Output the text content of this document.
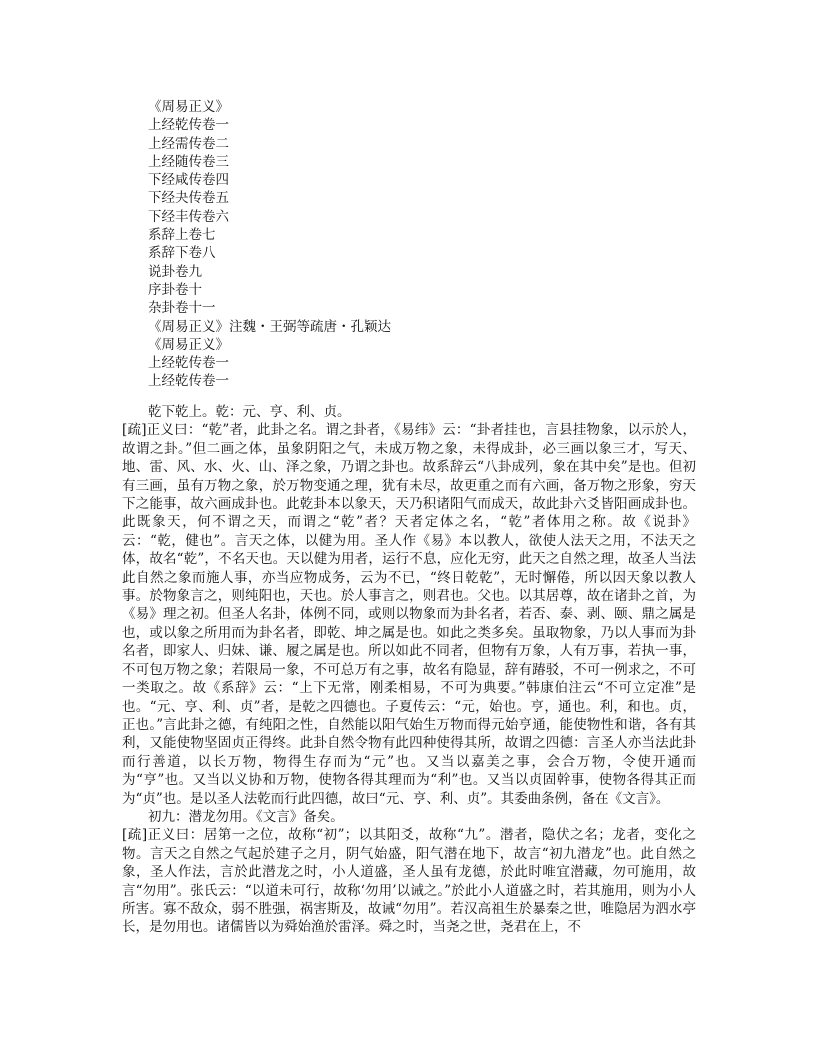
《周易正义》
上经乾传卷一
上经需传卷二
上经随传卷三
下经咸传卷四
下经夬传卷五
下经丰传卷六
系辞上卷七
系辞下卷八
说卦卷九
序卦卷十
杂卦卷十一
《周易正义》注魏・王弼等疏唐・孔颖达
《周易正义》
上经乾传卷一
上经乾传卷一

乾下乾上。乾：元、亨、利、贞。

[疏]正义曰：“乾”者，此卦之名。谓之卦者，《易纬》云：“卦者挂也，言县挂物象，以示於人，故谓之卦。”但二画之体，虽象阴阳之气，未成万物之象，未得成卦，必三画以象三才，写天、地、雷、风、水、火、山、泽之象，乃谓之卦也。故系辞云“八卦成列，象在其中矣”是也。但初有三画，虽有万物之象，於万物变通之理，犹有未尽，故更重之而有六画，备万物之形象，穷天下之能事，故六画成卦也。此乾卦本以象天，天乃积诸阳气而成天，故此卦六爻皆阳画成卦也。此既象天，何不谓之天，而谓之“乾”者？天者定体之名，“乾”者体用之称。故《说卦》云：“乾，健也”。言天之体，以健为用。圣人作《易》本以教人，欲使人法天之用，不法天之体，故名“乾”，不名天也。天以健为用者，运行不息，应化无穷，此天之自然之理，故圣人当法此自然之象而施人事，亦当应物成务，云为不已，“终日乾乾”，无时懈倦，所以因天象以教人事。於物象言之，则纯阳也，天也。於人事言之，则君也。父也。以其居尊，故在诸卦之首，为《易》理之初。但圣人名卦，体例不同，或则以物象而为卦名者，若否、泰、剥、颐、鼎之属是也，或以象之所用而为卦名者，即乾、坤之属是也。如此之类多矣。虽取物象，乃以人事而为卦名者，即家人、归妹、谦、履之属是也。所以如此不同者，但物有万象，人有万事，若执一事，不可包万物之象；若限局一象，不可总万有之事，故名有隐显，辞有踳驳，不可一例求之，不可一类取之。故《系辞》云：“上下无常，刚柔相易，不可为典要。”韩康伯注云“不可立定准”是也。“元、亨、利、贞”者，是乾之四德也。子夏传云：“元，始也。亨，通也。利，和也。贞，正也。”言此卦之德，有纯阳之性，自然能以阳气始生万物而得元始亨通，能使物性和谐，各有其利，又能使物坚固贞正得终。此卦自然令物有此四种使得其所，故谓之四德：言圣人亦当法此卦而行善道，以长万物，物得生存而为“元”也。又当以嘉美之事，会合万物，令使开通而为“亨”也。又当以义协和万物，使物各得其理而为“利”也。又当以贞固幹事，使物各得其正而为“贞”也。是以圣人法乾而行此四德，故曰“元、亨、利、贞”。其委曲条例，备在《文言》。

初九：潜龙勿用。《文言》备矣。

[疏]正义曰：居第一之位，故称“初”；以其阳爻，故称“九”。潜者，隐伏之名；龙者，变化之物。言天之自然之气起於建子之月，阴气始盛，阳气潜在地下，故言“初九潜龙”也。此自然之象，圣人作法，言於此潜龙之时，小人道盛，圣人虽有龙德，於此时唯宜潜藏，勿可施用，故言“勿用”。张氏云：“以道未可行，故称‘勿用’以诫之。”於此小人道盛之时，若其施用，则为小人所害。寡不敌众，弱不胜强，祸害斯及，故诫“勿用”。若汉高祖生於暴秦之世，唯隐居为泗水亭长，是勿用也。诸儒皆以为舜始渔於雷泽。舜之时，当尧之世，尧君在上，不
